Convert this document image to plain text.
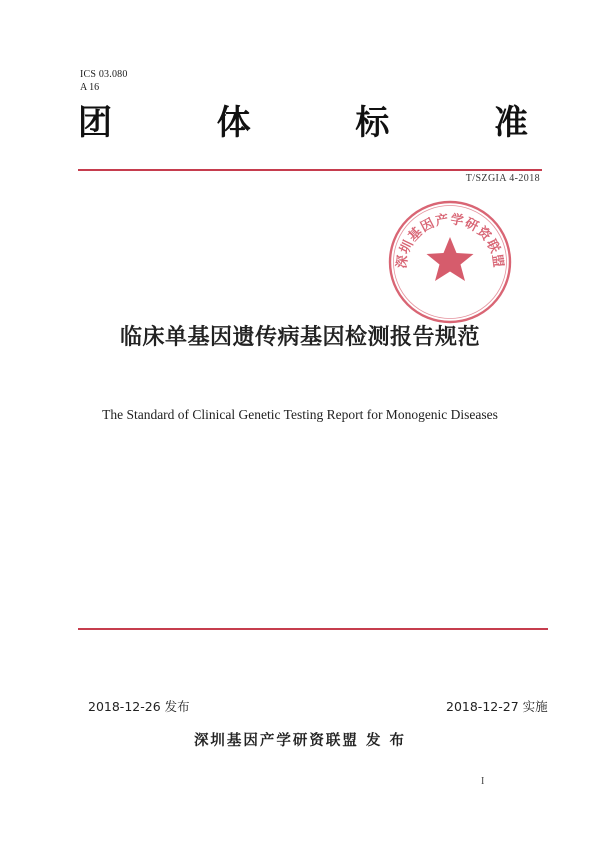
ICS 03.080
A 16
团	体	标	准
T/SZGIA 4-2018
深圳基因产学研资联盟
临床单基因遗传病基因检测报告规范
The Standard of Clinical Genetic Testing Report for Monogenic Diseases
2018-12-26 发布	2018-12-27 实施
深圳基因产学研资联盟 发 布
I
